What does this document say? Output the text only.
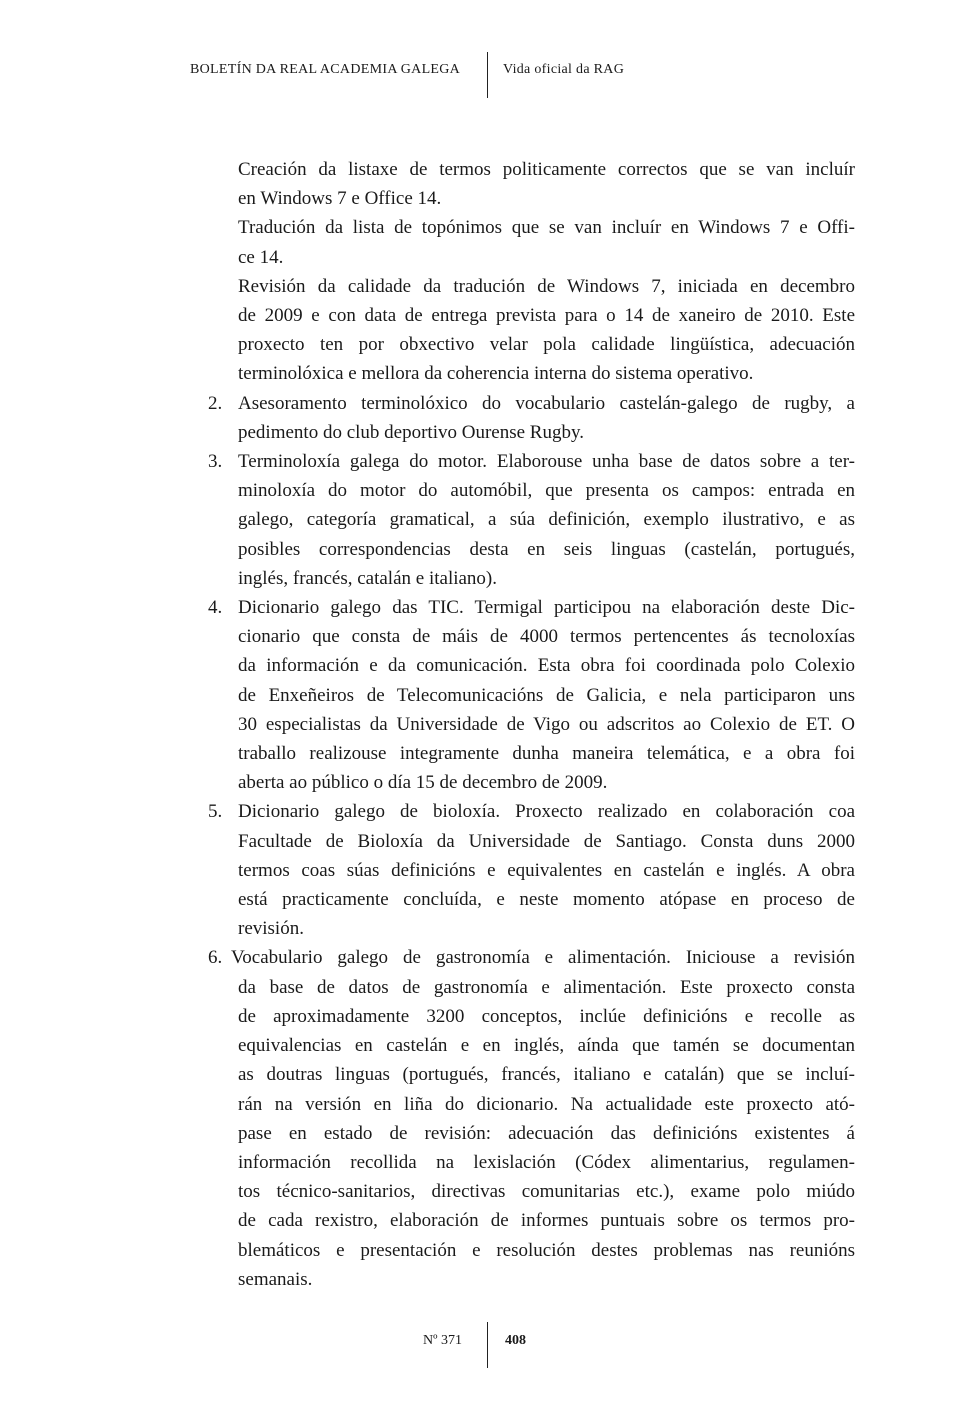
BOLETÍN DA REAL ACADEMIA GALEGA	Vida oficial da RAG
Creación da listaxe de termos politicamente correctos que se van incluír
en Windows 7 e Office 14.
Tradución da lista de topónimos que se van incluír en Windows 7 e Offi-
ce 14.
Revisión da calidade da tradución de Windows 7, iniciada en decembro
de 2009 e con data de entrega prevista para o 14 de xaneiro de 2010. Este
proxecto ten por obxectivo velar pola calidade lingüística, adecuación
terminolóxica e mellora da coherencia interna do sistema operativo.
2. Asesoramento terminolóxico do vocabulario castelán-galego de rugby, a
pedimento do club deportivo Ourense Rugby.
3. Terminoloxía galega do motor. Elaborouse unha base de datos sobre a ter-
minoloxía do motor do automóbil, que presenta os campos: entrada en
galego, categoría gramatical, a súa definición, exemplo ilustrativo, e as
posibles correspondencias desta en seis linguas (castelán, portugués,
inglés, francés, catalán e italiano).
4. Dicionario galego das TIC. Termigal participou na elaboración deste Dic-
cionario que consta de máis de 4000 termos pertencentes ás tecnoloxías
da información e da comunicación. Esta obra foi coordinada polo Colexio
de Enxeñeiros de Telecomunicacións de Galicia, e nela participaron uns
30 especialistas da Universidade de Vigo ou adscritos ao Colexio de ET. O
traballo realizouse integramente dunha maneira telemática, e a obra foi
aberta ao público o día 15 de decembro de 2009.
5. Dicionario galego de bioloxía. Proxecto realizado en colaboración coa
Facultade de Bioloxía da Universidade de Santiago. Consta duns 2000
termos coas súas definicións e equivalentes en castelán e inglés. A obra
está practicamente concluída, e neste momento atópase en proceso de
revisión.
6. Vocabulario galego de gastronomía e alimentación. Iniciouse a revisión
da base de datos de gastronomía e alimentación. Este proxecto consta
de aproximadamente 3200 conceptos, inclúe definicións e recolle as
equivalencias en castelán e en inglés, aínda que tamén se documentan
as doutras linguas (portugués, francés, italiano e catalán) que se incluí-
rán na versión en liña do dicionario. Na actualidade este proxecto ató-
pase en estado de revisión: adecuación das definicións existentes á
información recollida na lexislación (Códex alimentarius, regulamen-
tos técnico-sanitarios, directivas comunitarias etc.), exame polo miúdo
de cada rexistro, elaboración de informes puntuais sobre os termos pro-
blemáticos e presentación e resolución destes problemas nas reunións
semanais.
Nº 371	408
